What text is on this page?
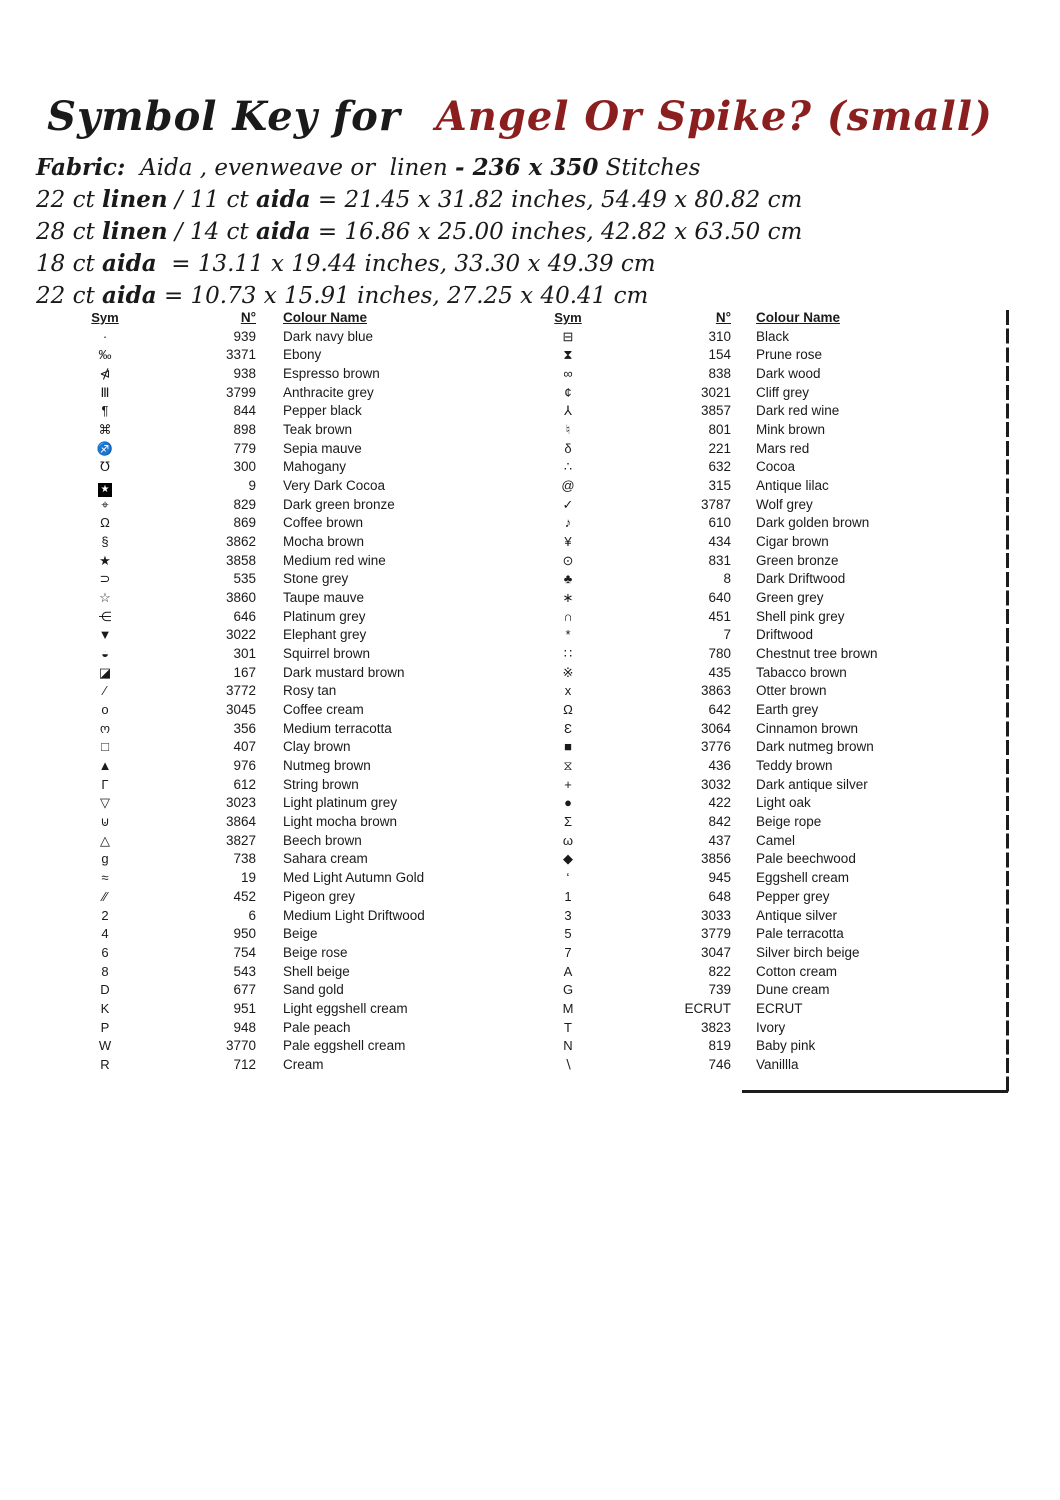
Symbol Key for Angel Or Spike? (small)
Fabric:  Aida , evenweave or  linen - 236 x 350 Stitches
22 ct linen / 11 ct aida = 21.45 x 31.82 inches, 54.49 x 80.82 cm
28 ct linen / 14 ct aida = 16.86 x 25.00 inches, 42.82 x 63.50 cm
18 ct aida  = 13.11 x 19.44 inches, 33.30 x 49.39 cm
22 ct aida = 10.73 x 15.91 inches, 27.25 x 40.41 cm
Sym	N°	Colour Name
·	939	Dark navy blue
‰	3371	Ebony
⋪	938	Espresso brown
Ⅲ	3799	Anthracite grey
¶	844	Pepper black
⌘	898	Teak brown
♐	779	Sepia mauve
℧	300	Mahogany
★	9	Very Dark Cocoa
⌖	829	Dark green bronze
Ω	869	Coffee brown
§	3862	Mocha brown
★	3858	Medium red wine
⊃	535	Stone grey
☆	3860	Taupe mauve
⋲	646	Platinum grey
▼	3022	Elephant grey
◒	301	Squirrel brown
◪	167	Dark mustard brown
∕	3772	Rosy tan
o	3045	Coffee cream
ო	356	Medium terracotta
□	407	Clay brown
▲	976	Nutmeg brown
Γ	612	String brown
▽	3023	Light platinum grey
⊍	3864	Light mocha brown
△	3827	Beech brown
g	738	Sahara cream
≈	19	Med Light Autumn Gold
∕∕	452	Pigeon grey
2	6	Medium Light Driftwood
4	950	Beige
6	754	Beige rose
8	543	Shell beige
D	677	Sand gold
K	951	Light eggshell cream
P	948	Pale peach
W	3770	Pale eggshell cream
R	712	Cream
Sym	N°	Colour Name
⊟	310	Black
⧗	154	Prune rose
∞	838	Dark wood
¢	3021	Cliff grey
⅄	3857	Dark red wine
♮	801	Mink brown
δ	221	Mars red
∴	632	Cocoa
@	315	Antique lilac
✓	3787	Wolf grey
♪	610	Dark golden brown
¥	434	Cigar brown
⊙	831	Green bronze
♣	8	Dark Driftwood
∗	640	Green grey
∩	451	Shell pink grey
*	7	Driftwood
∷	780	Chestnut tree brown
※	435	Tabacco brown
x	3863	Otter brown
Ω	642	Earth grey
Ɛ	3064	Cinnamon brown
■	3776	Dark nutmeg brown
⧖	436	Teddy brown
+	3032	Dark antique silver
●	422	Light oak
Σ	842	Beige rope
ω	437	Camel
◆	3856	Pale beechwood
‘	945	Eggshell cream
1	648	Pepper grey
3	3033	Antique silver
5	3779	Pale terracotta
7	3047	Silver birch beige
A	822	Cotton cream
G	739	Dune cream
M	ECRUT	ECRUT
T	3823	Ivory
N	819	Baby pink
∖	746	Vanillla
